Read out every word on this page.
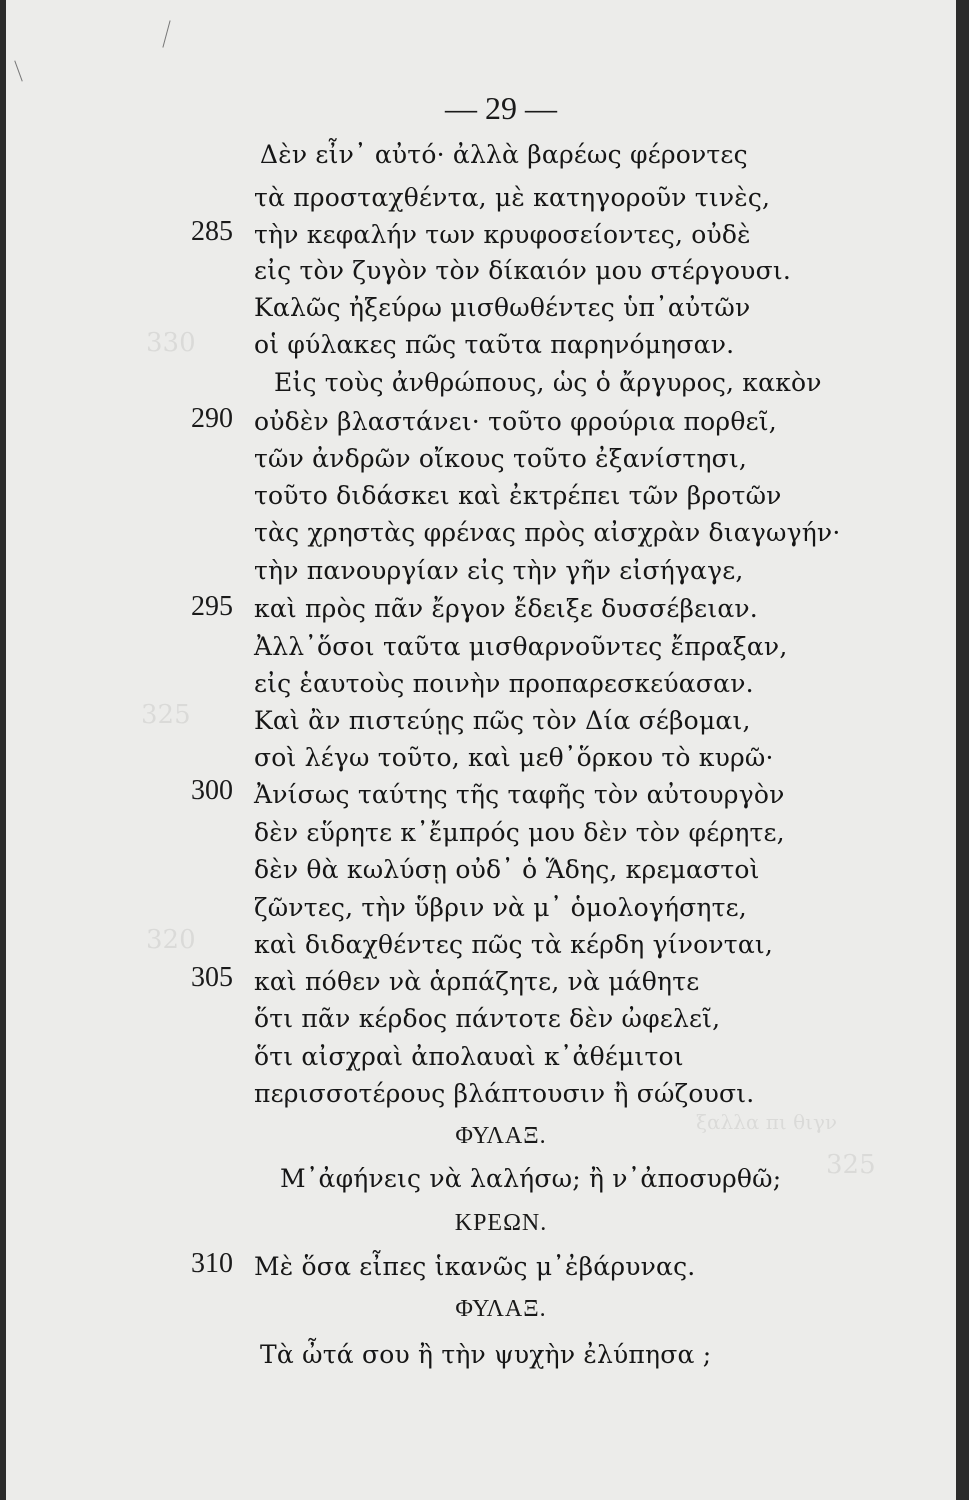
330
325
320
325
ξαλλα πι θιγν
— 29 —
Δὲν εἶν᾿ αὐτό· ἀλλὰ βαρέως φέροντες
τὰ προσταχθέντα, μὲ κατηγοροῦν τινὲς,
285 τὴν κεφαλήν των κρυφοσείοντες, οὐδὲ
εἰς τὸν ζυγὸν τὸν δίκαιόν μου στέργουσι.
Καλῶς ἠξεύρω μισθωθέντες ὑπ᾿αὐτῶν
οἱ φύλακες πῶς ταῦτα παρηνόμησαν.
Εἰς τοὺς ἀνθρώπους, ὡς ὁ ἄργυρος, κακὸν
290 οὐδὲν βλαστάνει· τοῦτο φρούρια πορθεῖ,
τῶν ἀνδρῶν οἴκους τοῦτο ἐξανίστησι,
τοῦτο διδάσκει καὶ ἐκτρέπει τῶν βροτῶν
τὰς χρηστὰς φρένας πρὸς αἰσχρὰν διαγωγήν·
τὴν πανουργίαν εἰς τὴν γῆν εἰσήγαγε,
295 καὶ πρὸς πᾶν ἔργον ἔδειξε δυσσέβειαν.
Ἀλλ᾿ὅσοι ταῦτα μισθαρνοῦντες ἔπραξαν,
εἰς ἑαυτοὺς ποινὴν προπαρεσκεύασαν.
Καὶ ἂν πιστεύῃς πῶς τὸν Δία σέβομαι,
σοὶ λέγω τοῦτο, καὶ μεθ᾿ὅρκου τὸ κυρῶ·
300 Ἀνίσως ταύτης τῆς ταφῆς τὸν αὐτουργὸν
δὲν εὕρητε κ᾿ἔμπρός μου δὲν τὸν φέρητε,
δὲν θὰ κωλύσῃ οὐδ᾿ ὁ Ἅδης, κρεμαστοὶ
ζῶντες, τὴν ὕβριν νὰ μ᾿ ὁμολογήσητε,
καὶ διδαχθέντες πῶς τὰ κέρδη γίνονται,
305 καὶ πόθεν νὰ ἁρπάζητε, νὰ μάθητε
ὅτι πᾶν κέρδος πάντοτε δὲν ὠφελεῖ,
ὅτι αἰσχραὶ ἀπολαυαὶ κ᾿ἀθέμιτοι
περισσοτέρους βλάπτουσιν ἢ σώζουσι.
ΦΥΛΑΞ.
Μ᾿ἀφήνεις νὰ λαλήσω; ἢ ν᾿ἀποσυρθῶ;
ΚΡΕΩΝ.
310 Μὲ ὅσα εἶπες ἱκανῶς μ᾿ἐβάρυνας.
ΦΥΛΑΞ.
Τὰ ὦτά σου ἢ τὴν ψυχὴν ἐλύπησα ;
